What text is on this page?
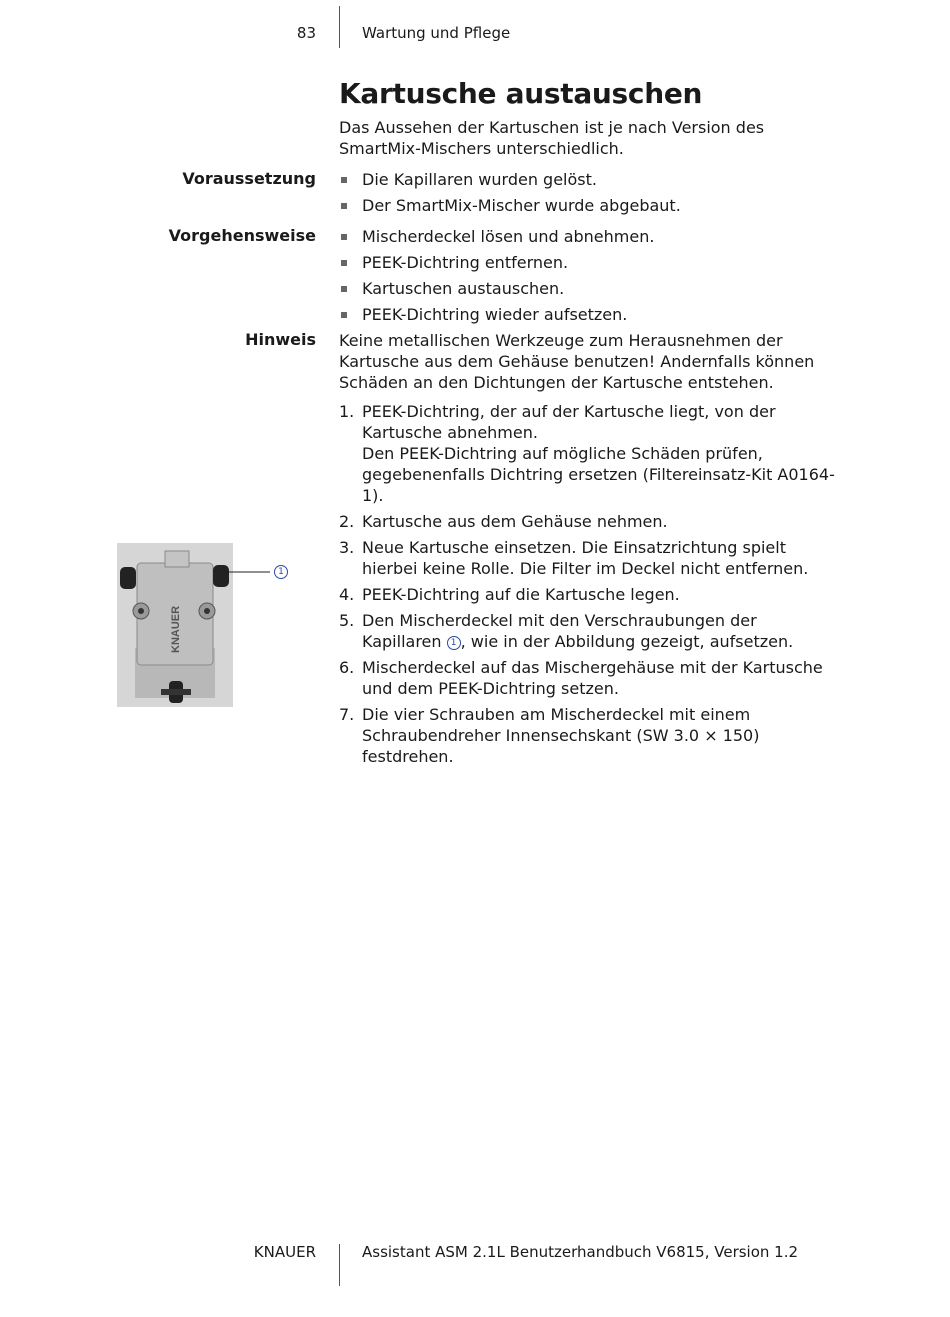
83	Wartung und Pflege
Kartusche austauschen
Das Aussehen der Kartuschen ist je nach Version des SmartMix-Mischers unterschiedlich.
Voraussetzung	Die Kapillaren wurden gelöst.
Der SmartMix-Mischer wurde abgebaut.
Vorgehensweise	Mischerdeckel lösen und abnehmen.
PEEK-Dichtring entfernen.
Kartuschen austauschen.
PEEK-Dichtring wieder aufsetzen.
Hinweis Keine metallischen Werkzeuge zum Herausnehmen der Kartusche aus dem Gehäuse benutzen! Andernfalls können Schäden an den Dichtungen der Kartusche entstehen.
KNAUER
1
1. PEEK-Dichtring, der auf der Kartusche liegt, von der Kartusche abnehmen.
Den PEEK-Dichtring auf mögliche Schäden prüfen, gegebenenfalls Dichtring ersetzen (Filtereinsatz-Kit A0164-1).
2. Kartusche aus dem Gehäuse nehmen.
3. Neue Kartusche einsetzen. Die Einsatzrichtung spielt hierbei keine Rolle. Die Filter im Deckel nicht entfernen.
4. PEEK-Dichtring auf die Kartusche legen.
5. Den Mischerdeckel mit den Verschraubungen der Kapillaren 1 , wie in der Abbildung gezeigt, aufsetzen.
6. Mischerdeckel auf das Mischergehäuse mit der Kartusche und dem PEEK-Dichtring setzen.
7. Die vier Schrauben am Mischerdeckel mit einem Schraubendreher Innensechskant (SW 3.0 × 150) festdrehen.
KNAUER	Assistant ASM 2.1L Benutzerhandbuch V6815, Version 1.2
